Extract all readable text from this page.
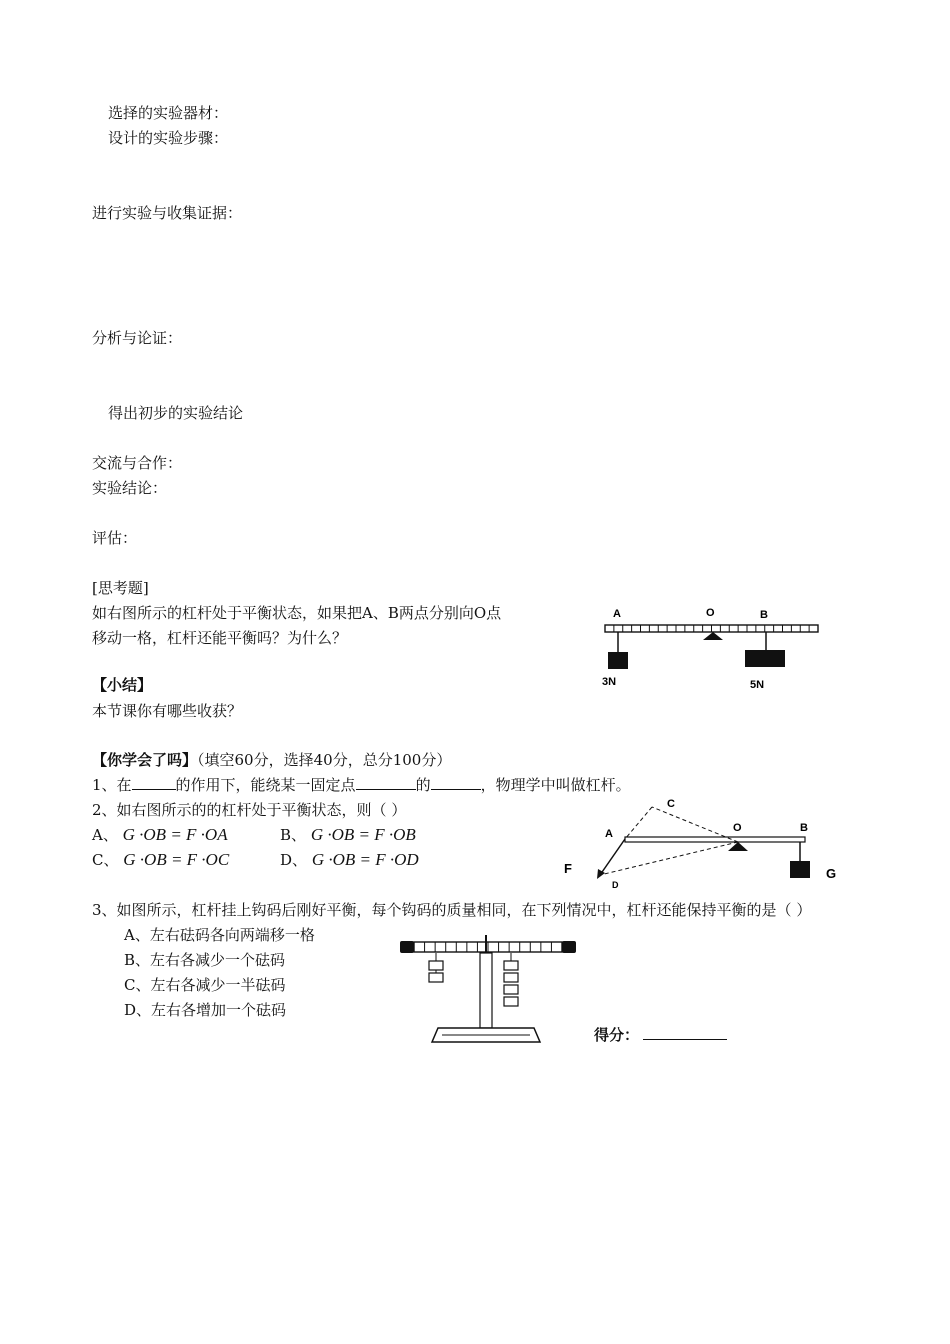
选择的实验器材：
设计的实验步骤：
进行实验与收集证据：
分析与论证：
得出初步的实验结论
交流与合作：
实验结论：
评估：
[思考题]
如右图所示的杠杆处于平衡状态，如果把A、B两点分别向O点
移动一格，杠杆还能平衡吗？为什么？
A	O	B
3N	5N
【小结】
本节课你有哪些收获？
【你学会了吗】（填空60分，选择40分，总分100分）
1、在	的作用下，能绕某一固定点	的	，物理学中叫做杠杆。
2、如右图所示的的杠杆处于平衡状态，则（ ）
A、 G ·OB = F ·OA	B、 G ·OB = F ·OB
C、 G ·OB = F ·OC	D、 G ·OB = F ·OD
A
C
O	B
F
D
G
3、如图所示，杠杆挂上钩码后刚好平衡，每个钩码的质量相同，在下列情况中，杠杆还能保持平衡的是（ ）
A、左右砝码各向两端移一格
B、左右各减少一个砝码
C、左右各减少一半砝码
D、左右各增加一个砝码
得分：
